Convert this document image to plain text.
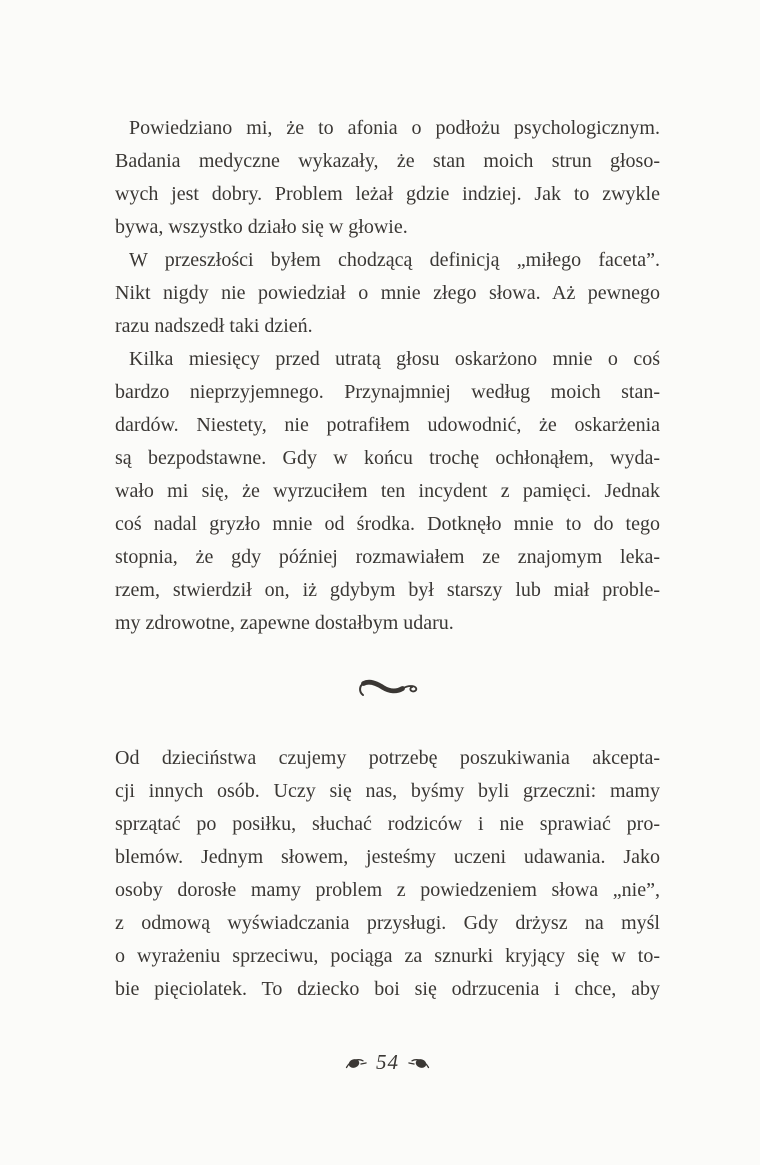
Powiedziano mi, że to afonia o podłożu psychologicznym.
Badania medyczne wykazały, że stan moich strun głoso-
wych jest dobry. Problem leżał gdzie indziej. Jak to zwykle
bywa, wszystko działo się w głowie.

W przeszłości byłem chodzącą definicją „miłego faceta”.
Nikt nigdy nie powiedział o mnie złego słowa. Aż pewnego
razu nadszedł taki dzień.

Kilka miesięcy przed utratą głosu oskarżono mnie o coś
bardzo nieprzyjemnego. Przynajmniej według moich stan-
dardów. Niestety, nie potrafiłem udowodnić, że oskarżenia
są bezpodstawne. Gdy w końcu trochę ochłonąłem, wyda-
wało mi się, że wyrzuciłem ten incydent z pamięci. Jednak
coś nadal gryzło mnie od środka. Dotknęło mnie to do tego
stopnia, że gdy później rozmawiałem ze znajomym leka-
rzem, stwierdził on, iż gdybym był starszy lub miał proble-
my zdrowotne, zapewne dostałbym udaru.

Od dzieciństwa czujemy potrzebę poszukiwania akcepta-
cji innych osób. Uczy się nas, byśmy byli grzeczni: mamy
sprzątać po posiłku, słuchać rodziców i nie sprawiać pro-
blemów. Jednym słowem, jesteśmy uczeni udawania. Jako
osoby dorosłe mamy problem z powiedzeniem słowa „nie”,
z odmową wyświadczania przysługi. Gdy drżysz na myśl
o wyrażeniu sprzeciwu, pociąga za sznurki kryjący się w to-
bie pięciolatek. To dziecko boi się odrzucenia i chce, aby

54
